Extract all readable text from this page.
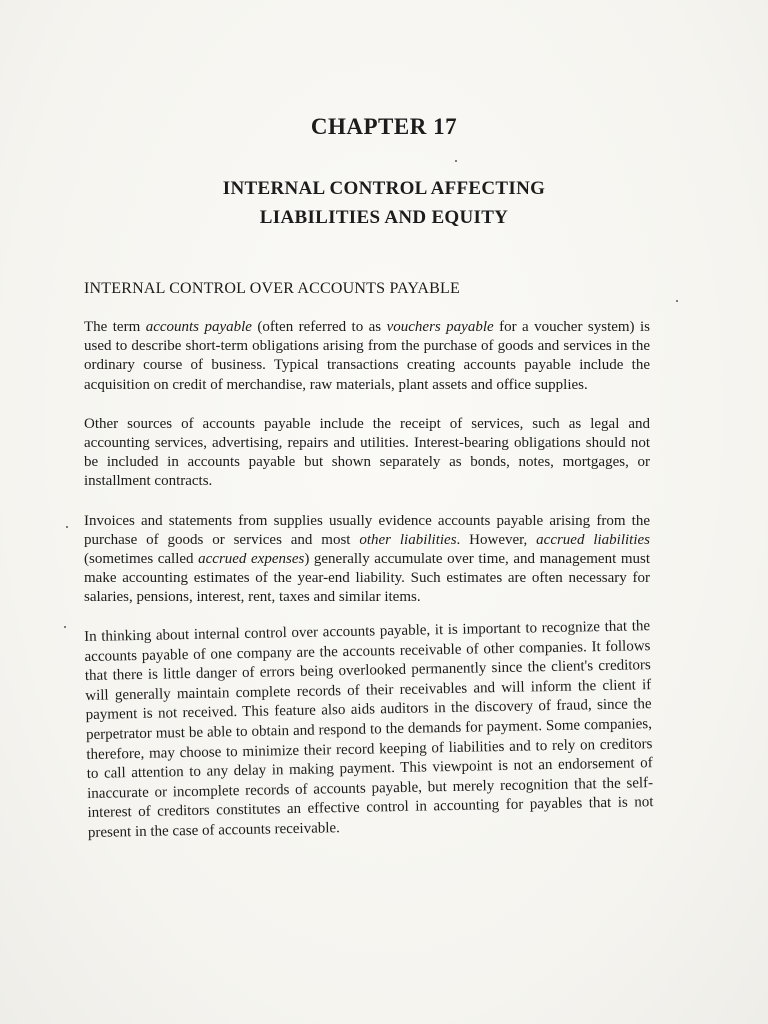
CHAPTER 17
INTERNAL CONTROL AFFECTING
LIABILITIES AND EQUITY
INTERNAL CONTROL OVER ACCOUNTS PAYABLE

The term accounts payable (often referred to as vouchers payable for a voucher system) is used to describe short-term obligations arising from the purchase of goods and services in the ordinary course of business. Typical transactions creating accounts payable include the acquisition on credit of merchandise, raw materials, plant assets and office supplies.

Other sources of accounts payable include the receipt of services, such as legal and accounting services, advertising, repairs and utilities. Interest-bearing obligations should not be included in accounts payable but shown separately as bonds, notes, mortgages, or installment contracts.

Invoices and statements from supplies usually evidence accounts payable arising from the purchase of goods or services and most other liabilities. However, accrued liabilities (sometimes called accrued expenses) generally accumulate over time, and management must make accounting estimates of the year-end liability. Such estimates are often necessary for salaries, pensions, interest, rent, taxes and similar items.

In thinking about internal control over accounts payable, it is important to recognize that the accounts payable of one company are the accounts receivable of other companies. It follows that there is little danger of errors being overlooked permanently since the client's creditors will generally maintain complete records of their receivables and will inform the client if payment is not received. This feature also aids auditors in the discovery of fraud, since the perpetrator must be able to obtain and respond to the demands for payment. Some companies, therefore, may choose to minimize their record keeping of liabilities and to rely on creditors to call attention to any delay in making payment. This viewpoint is not an endorsement of inaccurate or incomplete records of accounts payable, but merely recognition that the self-interest of creditors constitutes an effective control in accounting for payables that is not present in the case of accounts receivable.
